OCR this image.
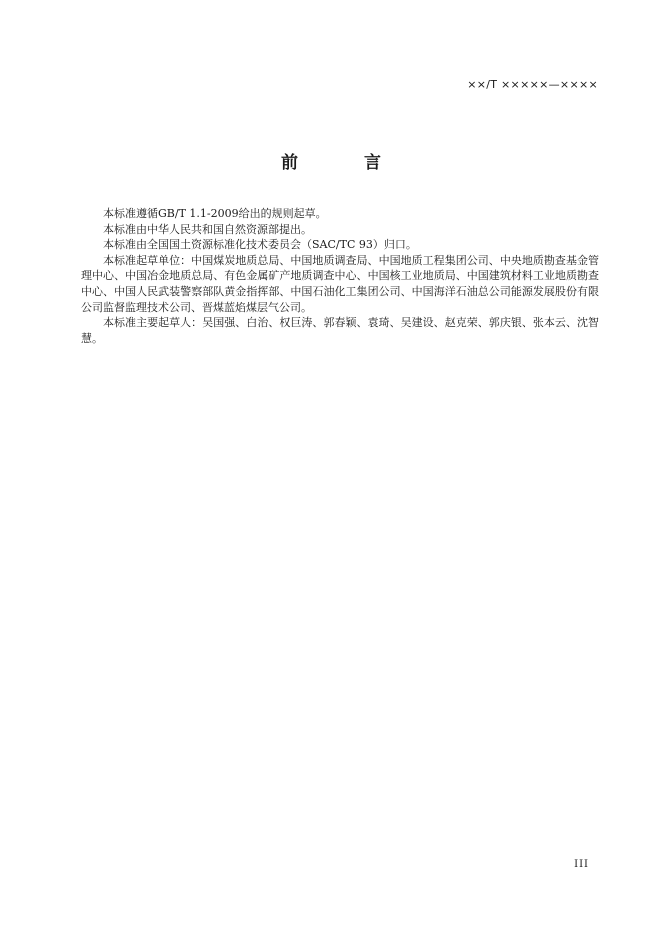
××/T ×××××—××××
前 言

本标准遵循GB/T 1.1-2009给出的规则起草。

本标准由中华人民共和国自然资源部提出。

本标准由全国国土资源标准化技术委员会（SAC/TC 93）归口。

本标准起草单位：中国煤炭地质总局、中国地质调查局、中国地质工程集团公司、中央地质勘查基金管理中心、中国冶金地质总局、有色金属矿产地质调查中心、中国核工业地质局、中国建筑材料工业地质勘查中心、中国人民武装警察部队黄金指挥部、中国石油化工集团公司、中国海洋石油总公司能源发展股份有限公司监督监理技术公司、晋煤蓝焰煤层气公司。

本标准主要起草人：吴国强、白治、权巨涛、郭春颖、袁琦、吴建设、赵克荣、郭庆银、张本云、沈智慧。

III
